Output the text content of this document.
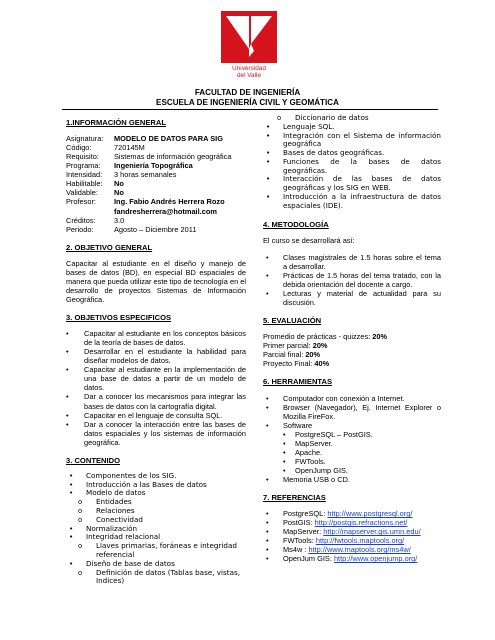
Universidad
del Valle
FACULTAD DE INGENIERÍA
ESCUELA DE INGENIERÍA CIVIL Y GEOMÁTICA
1.INFORMACIÓN GENERAL
Asignatura:	MODELO DE DATOS PARA SIG
Código:	720145M
Requisito:	Sistemas de información geográfica
Programa:	Ingeniería Topográfica
Intensidad:	3 horas semanales
Habilitable:	No
Validable:	No
Profesor:	Ing. Fabio Andrés Herrera Rozo
fandresherrera@hotmail.com
Créditos:	3.0
Periodo:	Agosto – Diciembre 2011
2. OBJETIVO GENERAL
Capacitar al estudiante en el diseño y manejo de bases de datos (BD), en especial BD espaciales de manera que pueda utilizar este tipo de tecnología en el desarrollo de proyectos Sistemas de Información Geográfica.
3. OBJETIVOS ESPECIFICOS
• Capacitar al estudiante en los conceptos básicos de la teoría de bases de datos.
• Desarrollar en el estudiante la habilidad para diseñar modelos de datos.
• Capacitar al estudiante en la implementación de una base de datos a partir de un modelo de datos.
• Dar a conocer los mecanismos para integrar las bases de datos con la cartografía digital.
• Capacitar en el lenguaje de consulta SQL.
• Dar a conocer la interacción entre las bases de datos espaciales y los sistemas de información geográfica.
3. CONTENIDO
• Componentes de los SIG.
• Introducción a las Bases de datos
• Modelo de datos
o Entidades
o Relaciones
o Conectividad
• Normalización
• Integridad relacional
o Llaves primarias, foráneas e integridad referencial
• Diseño de base de datos
o Definición de datos (Tablas base, vistas, Indices)
o Diccionario de datos
• Lenguaje SQL.
• Integración con el Sistema de información geográfica
• Bases de datos geográficas.
• Funciones de la bases de datos geográficas.
• Interacción de las bases de datos geográficas y los SIG en WEB.
• Introducción a la infraestructura de datos espaciales (IDE).
4. METODOLOGÍA
El curso se desarrollará así:
• Clases magistrales de 1.5 horas sobre el tema a desarrollar.
• Prácticas de 1.5 horas del tema tratado, con la debida orientación del docente a cargo.
• Lecturas y material de actualidad para su discusión.
5. EVALUACIÓN
Promedio de prácticas - quizzes: 20%
Primer parcial: 20%
Parcial final: 20%
Proyecto Final: 40%
6. HERRAMIENTAS
• Computador con conexión a Internet.
• Browser (Navegador), Ej. Internet Explorer o Mozilla FireFox.
• Software
• PostgreSQL – PostGIS.
• MapServer.
• Apache.
• FWTools.
• OpenJump GIS.
• Memoria USB o CD.
7. REFERENCIAS
• PostgreSQL: http://www.postgresql.org/
• PostGIS: http://postgis.refractions.net/
• MapServer: http://mapserver.gis.umn.edu/
• FWTools: http://fwtools.maptools.org/
• Ms4w : http://www.maptools.org/ms4w/
• OpenJum GIS: http://www.openjump.org/
